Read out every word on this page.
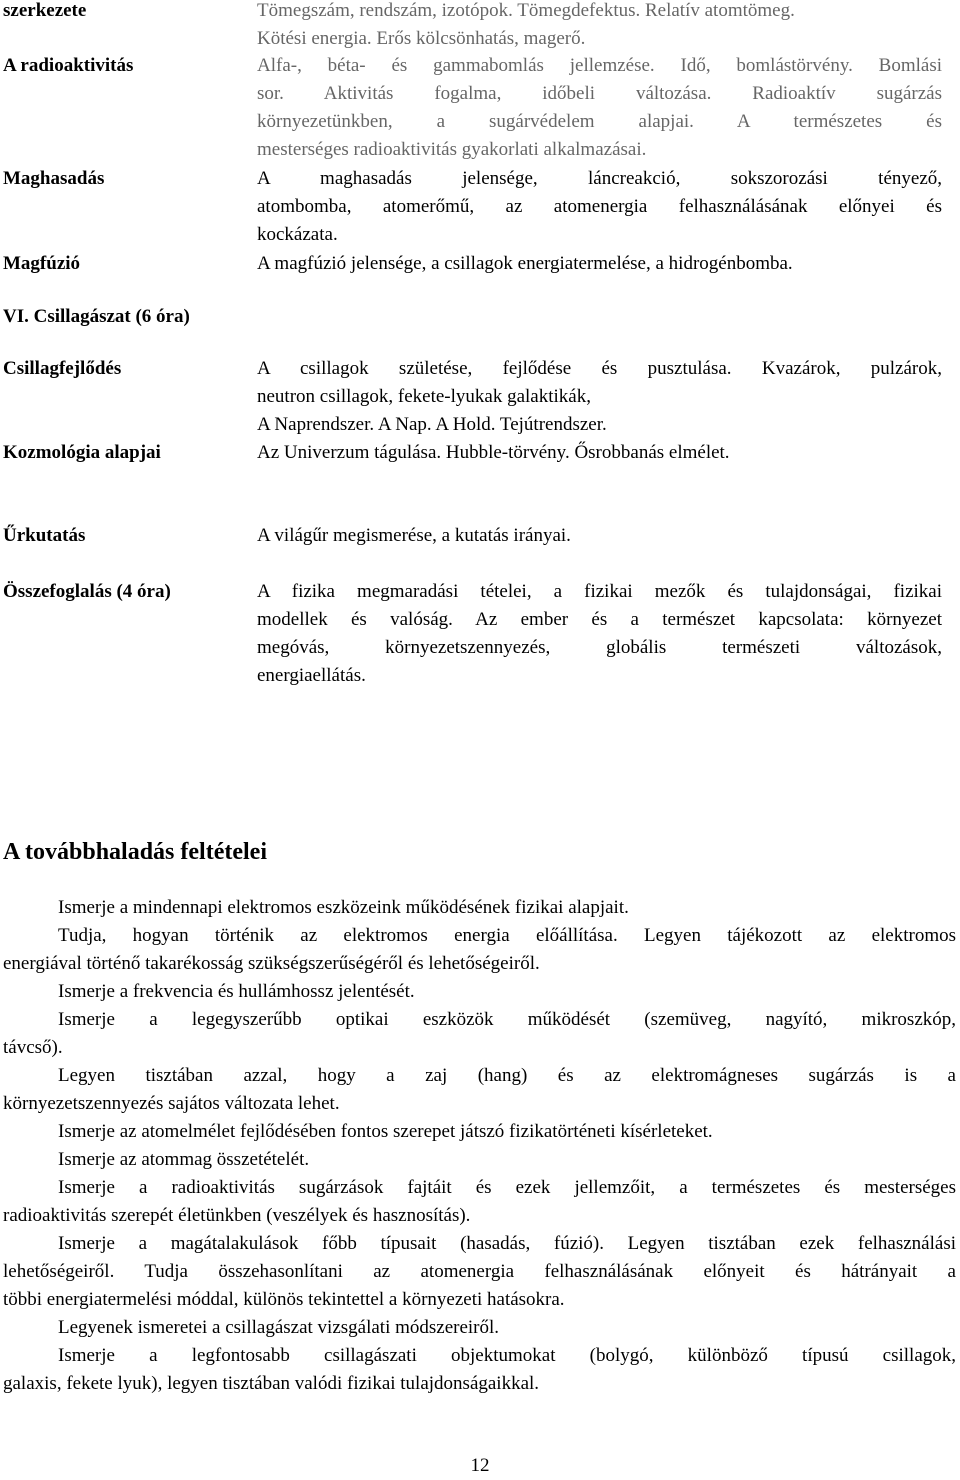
szerkezete	Tömegszám, rendszám, izotópok. Tömegdefektus. Relatív atomtömeg.
Kötési energia. Erős kölcsönhatás, magerő.
A radioaktivitás	Alfa-, béta- és gammabomlás jellemzése. Idő, bomlástörvény. Bomlási
sor. Aktivitás fogalma, időbeli változása. Radioaktív sugárzás
környezetünkben, a sugárvédelem alapjai. A természetes és
mesterséges radioaktivitás gyakorlati alkalmazásai.
Maghasadás	A maghasadás jelensége, láncreakció, sokszorozási tényező,
atombomba, atomerőmű, az atomenergia felhasználásának előnyei és
kockázata.
Magfúzió	A magfúzió jelensége, a csillagok energiatermelése, a hidrogénbomba.
VI. Csillagászat (6 óra)
Csillagfejlődés	A csillagok születése, fejlődése és pusztulása. Kvazárok, pulzárok,
neutron csillagok, fekete-lyukak galaktikák,
A Naprendszer. A Nap. A Hold. Tejútrendszer.
Kozmológia alapjai	Az Univerzum tágulása. Hubble-törvény. Ősrobbanás elmélet.
Űrkutatás	A világűr megismerése, a kutatás irányai.
Összefoglalás (4 óra)	A fizika megmaradási tételei, a fizikai mezők és tulajdonságai, fizikai
modellek és valóság. Az ember és a természet kapcsolata: környezet
megóvás, környezetszennyezés, globális természeti változások,
energiaellátás.
A továbbhaladás feltételei
Ismerje a mindennapi elektromos eszközeink működésének fizikai alapjait.
Tudja, hogyan történik az elektromos energia előállítása. Legyen tájékozott az elektromos
energiával történő takarékosság szükségszerűségéről és lehetőségeiről.
Ismerje a frekvencia és hullámhossz jelentését.
Ismerje a legegyszerűbb optikai eszközök működését (szemüveg, nagyító, mikroszkóp,
távcső).
Legyen tisztában azzal, hogy a zaj (hang) és az elektromágneses sugárzás is a
környezetszennyezés sajátos változata lehet.
Ismerje az atomelmélet fejlődésében fontos szerepet játszó fizikatörténeti kísérleteket.
Ismerje az atommag összetételét.
Ismerje a radioaktivitás sugárzások fajtáit és ezek jellemzőit, a természetes és mesterséges
radioaktivitás szerepét életünkben (veszélyek és hasznosítás).
Ismerje a magátalakulások főbb típusait (hasadás, fúzió). Legyen tisztában ezek felhasználási
lehetőségeiről. Tudja összehasonlítani az atomenergia felhasználásának előnyeit és hátrányait a
többi energiatermelési móddal, különös tekintettel a környezeti hatásokra.
Legyenek ismeretei a csillagászat vizsgálati módszereiről.
Ismerje a legfontosabb csillagászati objektumokat (bolygó, különböző típusú csillagok,
galaxis, fekete lyuk), legyen tisztában valódi fizikai tulajdonságaikkal.
12
